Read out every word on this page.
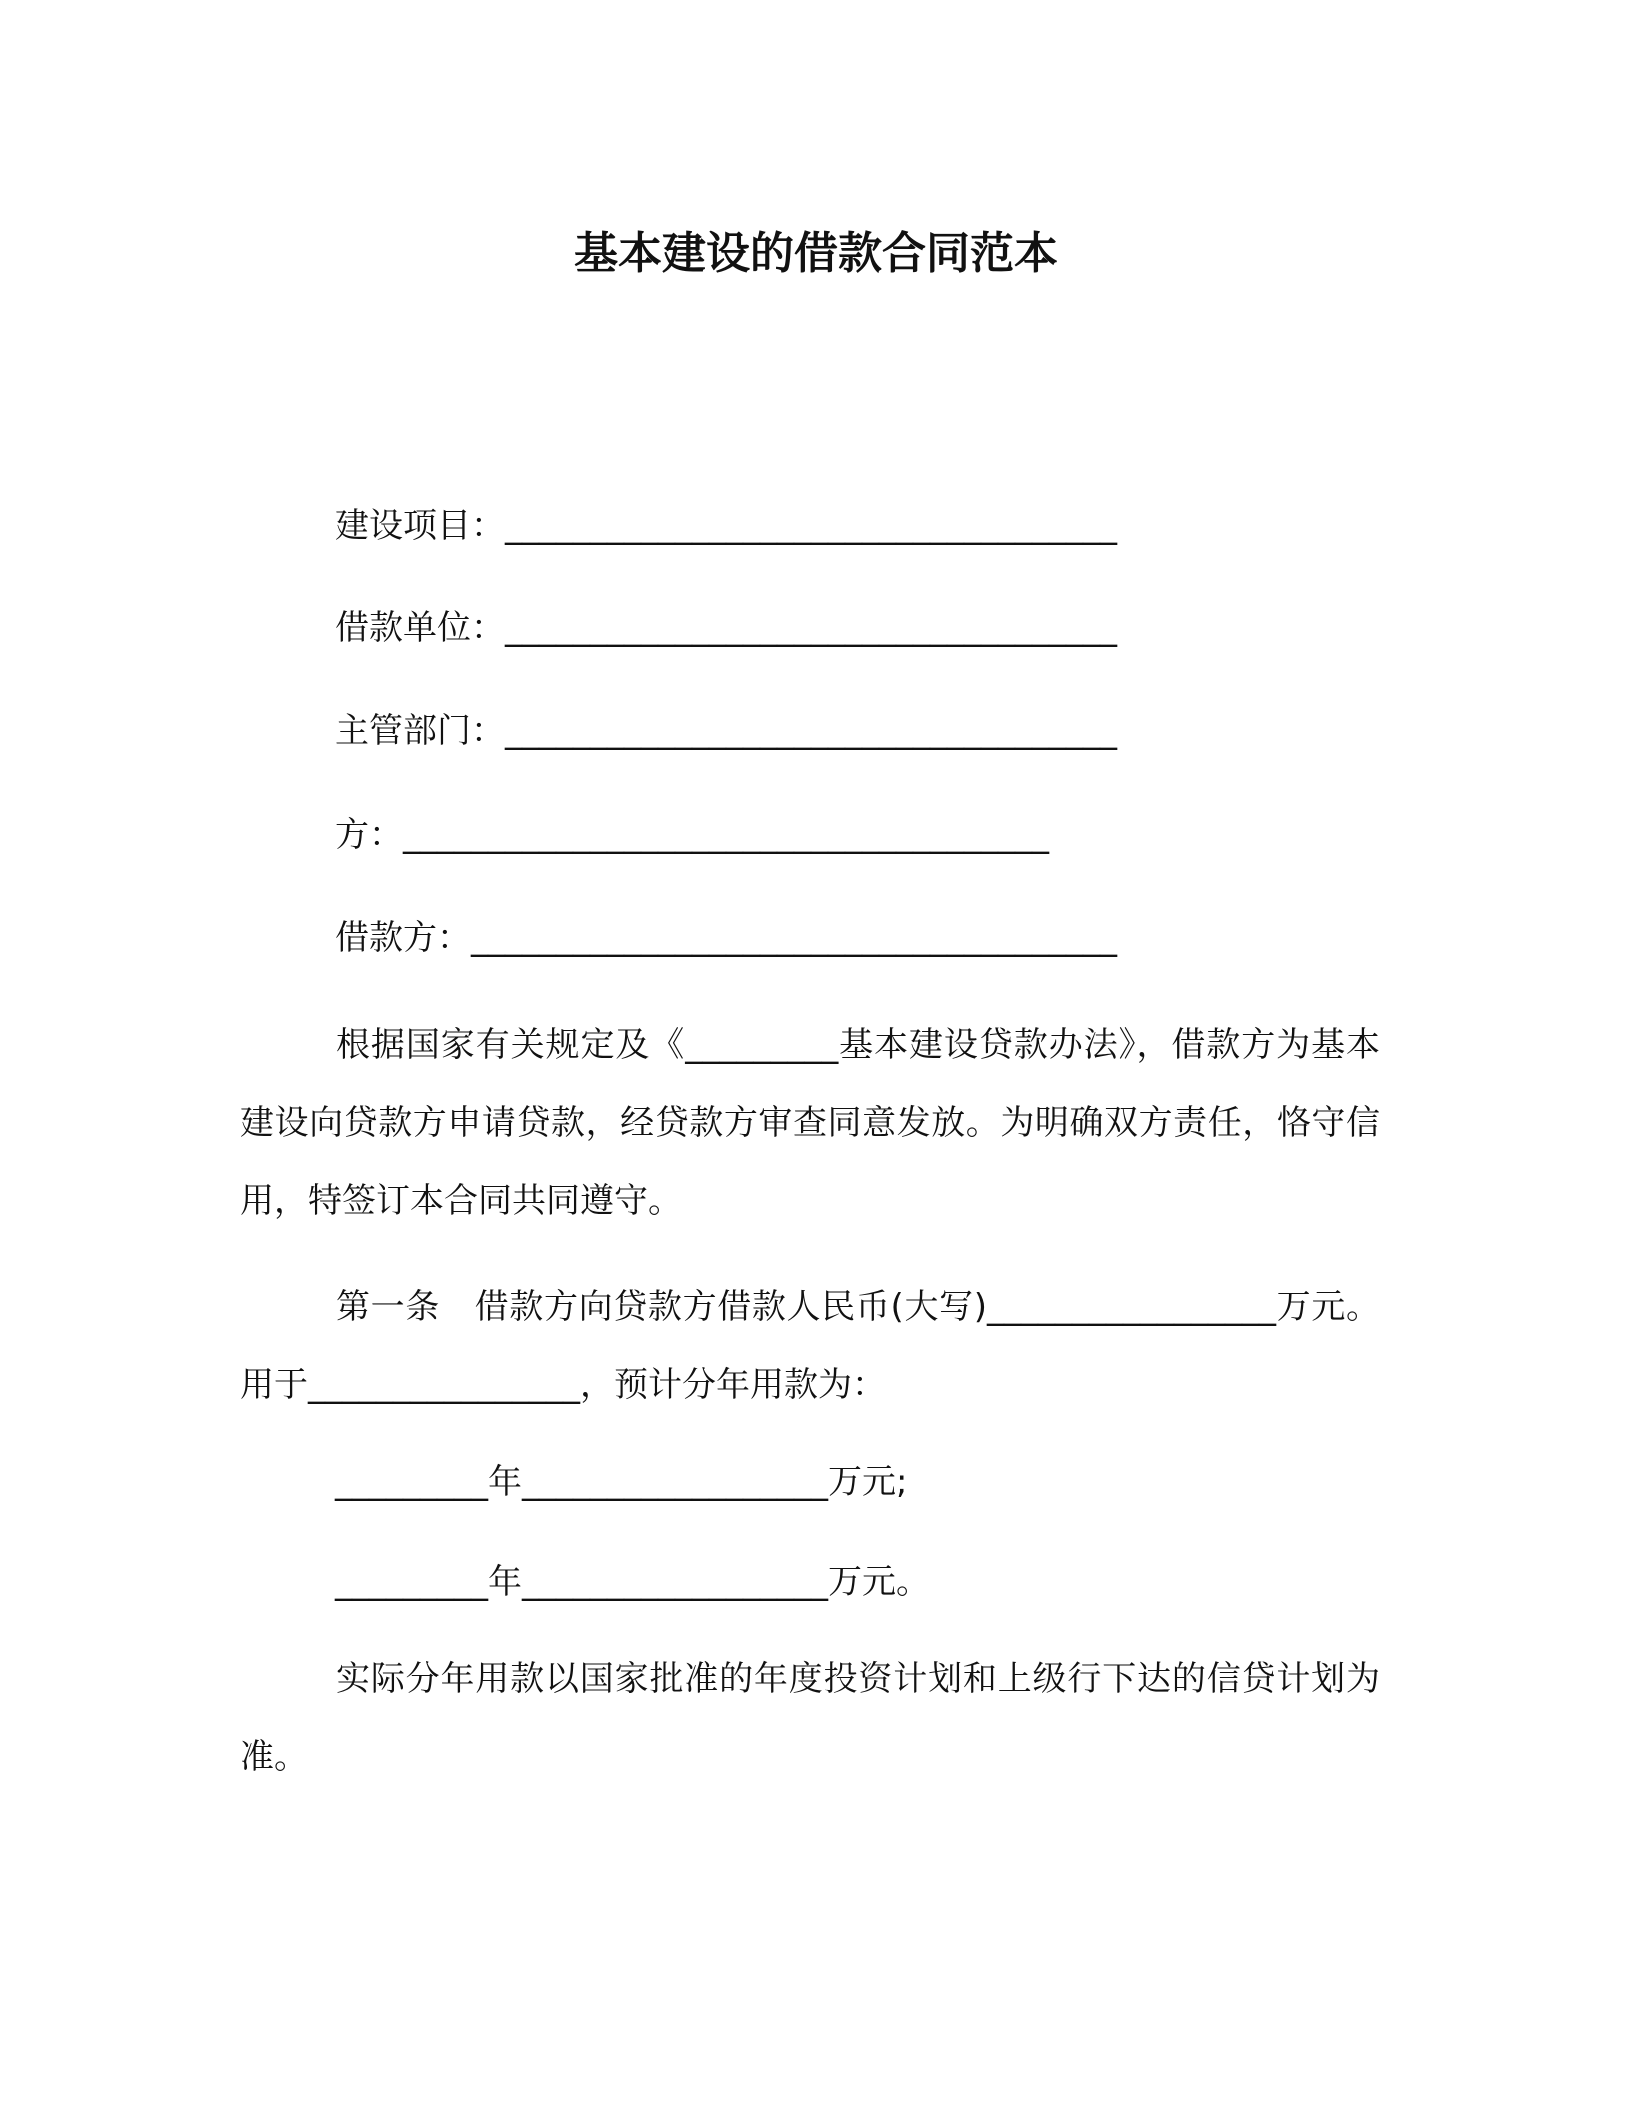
基本建设的借款合同范本

建设项目：____________________________________

借款单位：____________________________________

主管部门：____________________________________

方：______________________________________

借款方：______________________________________

根据国家有关规定及《_________基本建设贷款办法》，借款方为基本建设向贷款方申请贷款，经贷款方审查同意发放。为明确双方责任，恪守信用，特签订本合同共同遵守。

第一条　借款方向贷款方借款人民币(大写)_________________万元。用于________________，预计分年用款为：

_________年__________________万元;

_________年__________________万元。

实际分年用款以国家批准的年度投资计划和上级行下达的信贷计划为准。
